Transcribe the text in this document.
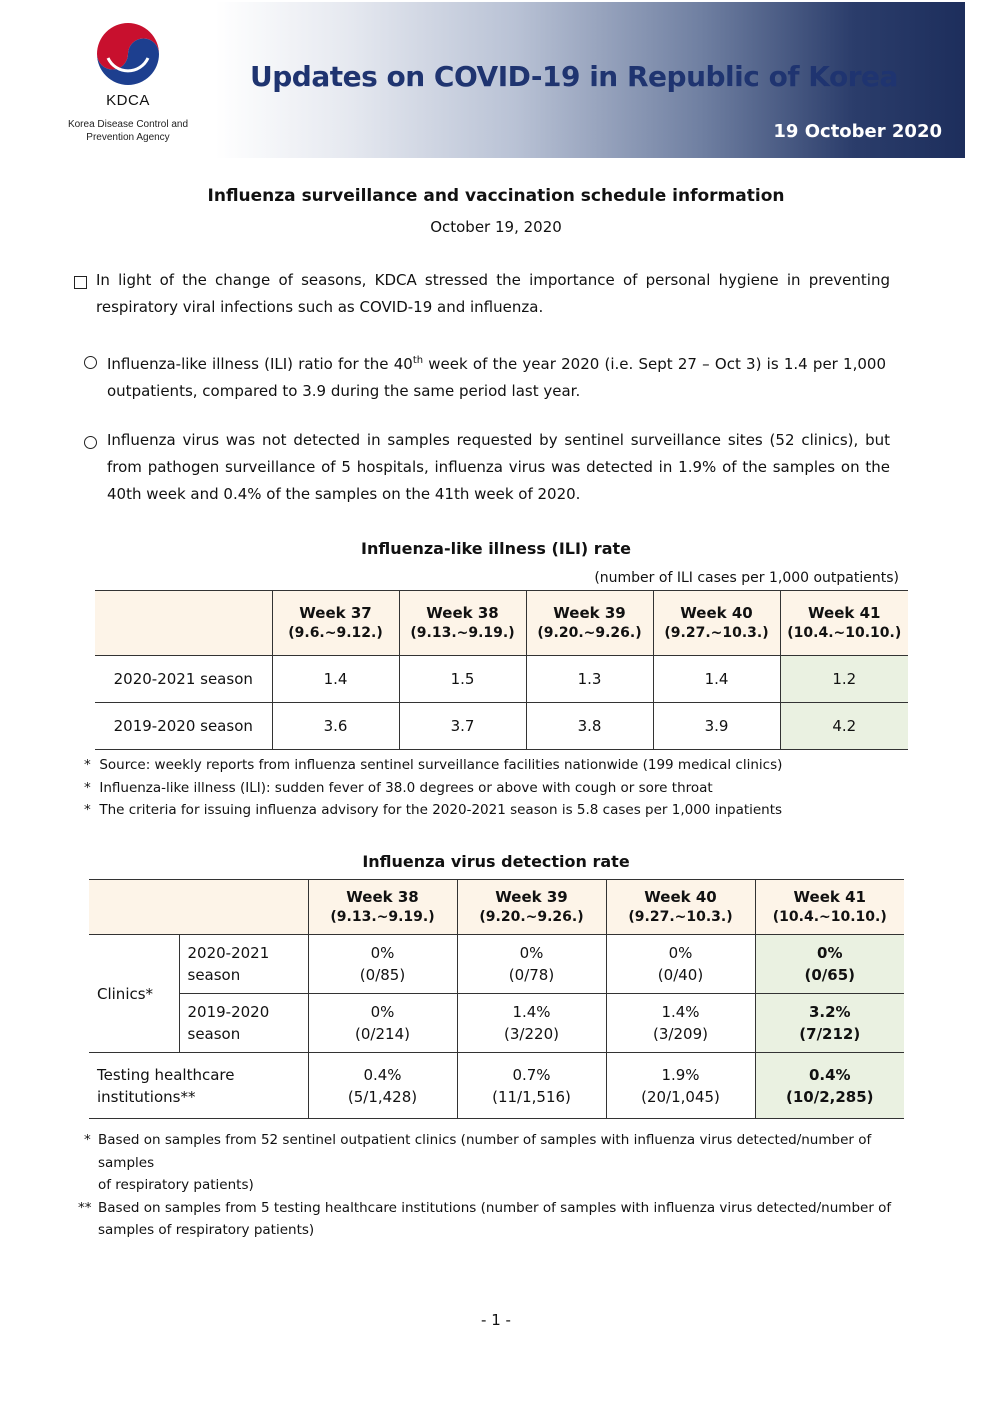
KDCA
Korea Disease Control and
Prevention Agency
Updates on COVID-19 in Republic of Korea
19 October 2020
Influenza surveillance and vaccination schedule information
October 19, 2020
In light of the change of seasons, KDCA stressed the importance of personal hygiene in preventing respiratory viral infections such as COVID-19 and influenza.
Influenza-like illness (ILI) ratio for the 40th week of the year 2020 (i.e. Sept 27 – Oct 3) is 1.4 per 1,000 outpatients, compared to 3.9 during the same period last year.
Influenza virus was not detected in samples requested by sentinel surveillance sites (52 clinics), but from pathogen surveillance of 5 hospitals, influenza virus was detected in 1.9% of the samples on the 40th week and 0.4% of the samples on the 41th week of 2020.
Influenza-like illness (ILI) rate
(number of ILI cases per 1,000 outpatients)

	Week 37
(9.6.~9.12.)	Week 38
(9.13.~9.19.)	Week 39
(9.20.~9.26.)	Week 40
(9.27.~10.3.)	Week 41
(10.4.~10.10.)

2020-2021 season	1.4	1.5	1.3	1.4	1.2
2019-2020 season	3.6	3.7	3.8	3.9	4.2
* Source: weekly reports from influenza sentinel surveillance facilities nationwide (199 medical clinics)
* Influenza-like illness (ILI): sudden fever of 38.0 degrees or above with cough or sore throat
* The criteria for issuing influenza advisory for the 2020-2021 season is 5.8 cases per 1,000 inpatients
Influenza virus detection rate

		Week 38
(9.13.~9.19.)	Week 39
(9.20.~9.26.)	Week 40
(9.27.~10.3.)	Week 41
(10.4.~10.10.)

Clinics*	2020-2021
season	0%
(0/85)	0%
(0/78)	0%
(0/40)	0%
(0/65)

	2019-2020
season	0%
(0/214)	1.4%
(3/220)	1.4%
(3/209)	3.2%
(7/212)

Testing healthcare
institutions**		0.4%
(5/1,428)	0.7%
(11/1,516)	1.9%
(20/1,045)	0.4%
(10/2,285)
* Based on samples from 52 sentinel outpatient clinics (number of samples with influenza virus detected/number of samples
of respiratory patients)
** Based on samples from 5 testing healthcare institutions (number of samples with influenza virus detected/number of
samples of respiratory patients)
- 1 -
